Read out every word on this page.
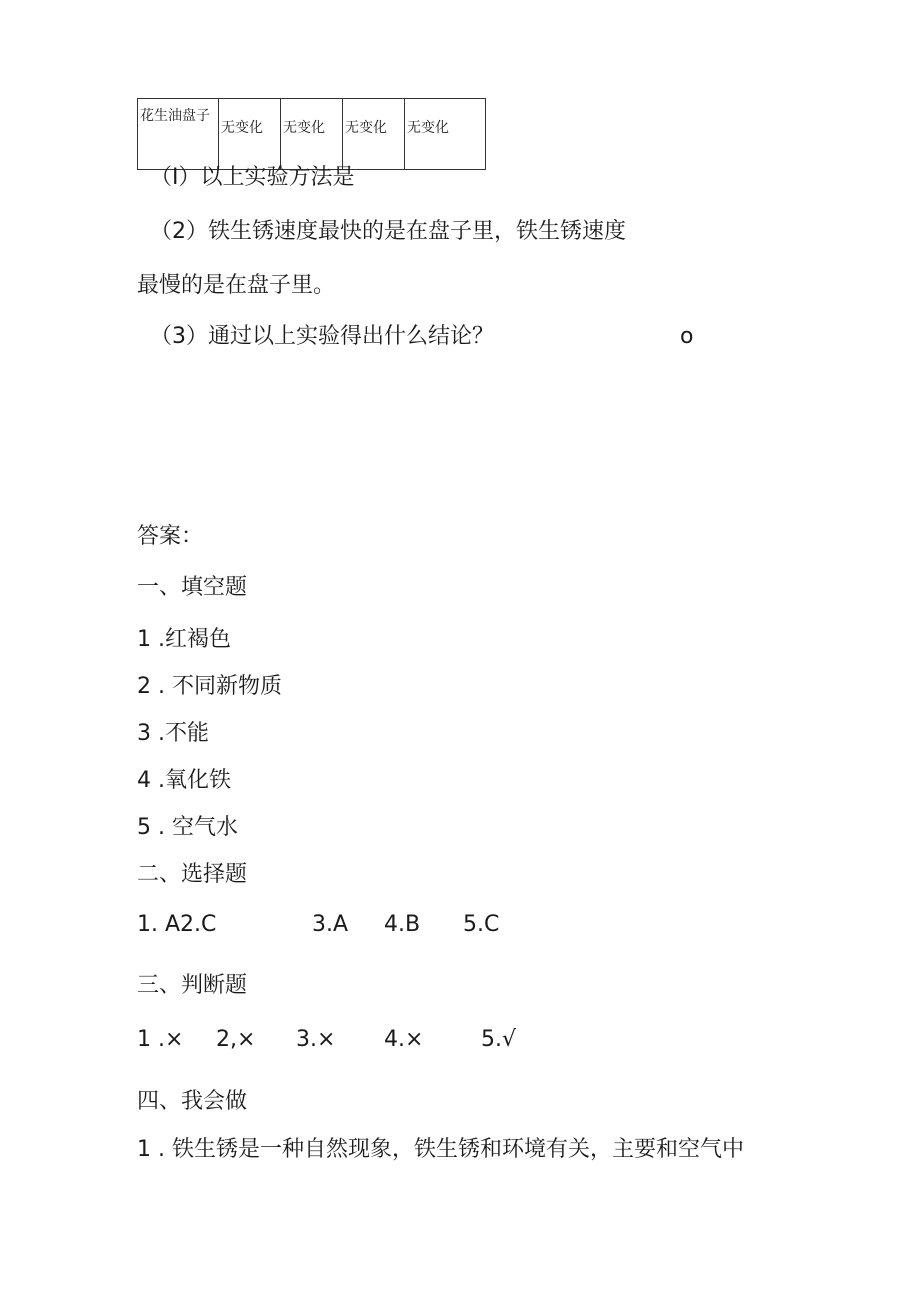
花生油盘子	无变化	无变化	无变化	无变化
（I）以上实验方法是
（2）铁生锈速度最快的是在盘子里，铁生锈速度
最慢的是在盘子里。
（3）通过以上实验得出什么结论？	o
答案：
一、填空题
1 .红褐色
2 . 不同新物质
3 .不能
4 .氧化铁
5 . 空气水
二、选择题
1. A2.C	3.A 4.B 5.C
三、判断题
1 .× 2,× 3.× 4.×	5.√
四、我会做
1 . 铁生锈是一种自然现象，铁生锈和环境有关，主要和空气中
